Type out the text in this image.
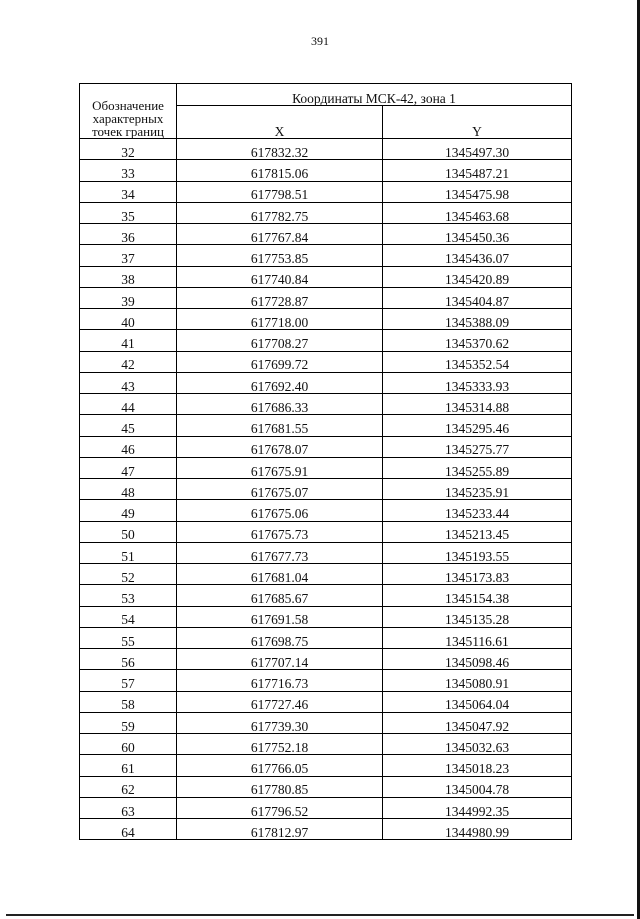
391
Обозначение характерных точек границ	Координаты МСК-42, зона 1	
	X	Y
32	617832.32	1345497.30
33	617815.06	1345487.21
34	617798.51	1345475.98
35	617782.75	1345463.68
36	617767.84	1345450.36
37	617753.85	1345436.07
38	617740.84	1345420.89
39	617728.87	1345404.87
40	617718.00	1345388.09
41	617708.27	1345370.62
42	617699.72	1345352.54
43	617692.40	1345333.93
44	617686.33	1345314.88
45	617681.55	1345295.46
46	617678.07	1345275.77
47	617675.91	1345255.89
48	617675.07	1345235.91
49	617675.06	1345233.44
50	617675.73	1345213.45
51	617677.73	1345193.55
52	617681.04	1345173.83
53	617685.67	1345154.38
54	617691.58	1345135.28
55	617698.75	1345116.61
56	617707.14	1345098.46
57	617716.73	1345080.91
58	617727.46	1345064.04
59	617739.30	1345047.92
60	617752.18	1345032.63
61	617766.05	1345018.23
62	617780.85	1345004.78
63	617796.52	1344992.35
64	617812.97	1344980.99
